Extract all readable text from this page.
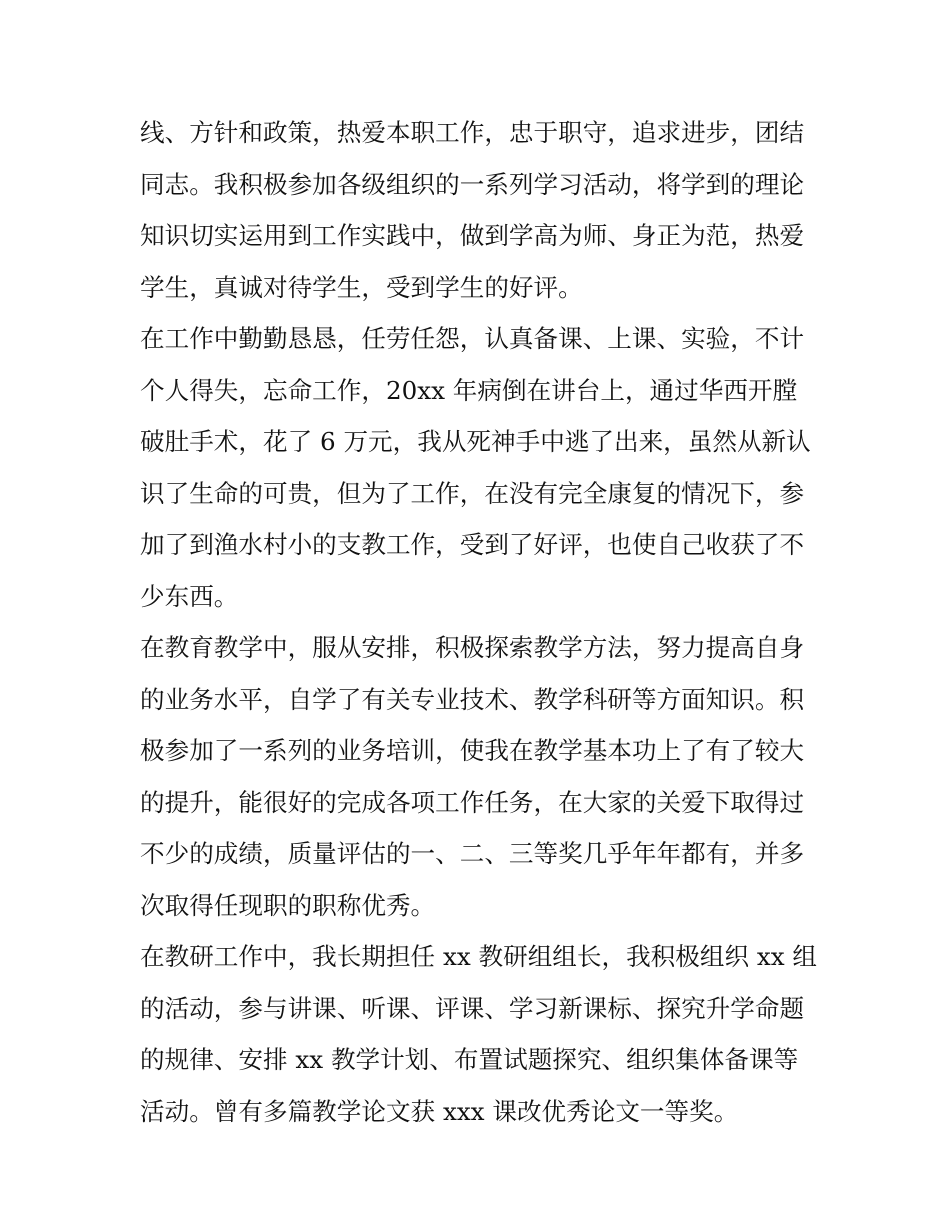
线、方针和政策，热爱本职工作，忠于职守，追求进步，团结
同志。我积极参加各级组织的一系列学习活动，将学到的理论
知识切实运用到工作实践中，做到学高为师、身正为范，热爱
学生，真诚对待学生，受到学生的好评。
在工作中勤勤恳恳，任劳任怨，认真备课、上课、实验，不计
个人得失，忘命工作，20xx 年病倒在讲台上，通过华西开膛
破肚手术，花了 6 万元，我从死神手中逃了出来，虽然从新认
识了生命的可贵，但为了工作，在没有完全康复的情况下，参
加了到渔水村小的支教工作，受到了好评，也使自己收获了不
少东西。
在教育教学中，服从安排，积极探索教学方法，努力提高自身
的业务水平，自学了有关专业技术、教学科研等方面知识。积
极参加了一系列的业务培训，使我在教学基本功上了有了较大
的提升，能很好的完成各项工作任务，在大家的关爱下取得过
不少的成绩，质量评估的一、二、三等奖几乎年年都有，并多
次取得任现职的职称优秀。
在教研工作中，我长期担任 xx 教研组组长，我积极组织 xx 组
的活动，参与讲课、听课、评课、学习新课标、探究升学命题
的规律、安排 xx 教学计划、布置试题探究、组织集体备课等
活动。曾有多篇教学论文获 xxx 课改优秀论文一等奖。
